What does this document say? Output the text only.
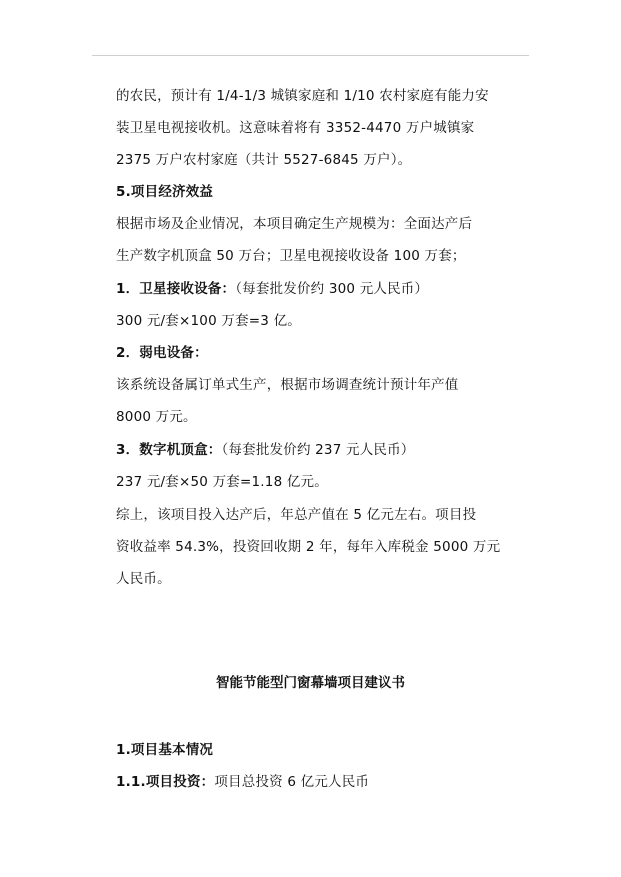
的农民，预计有 1/4-1/3 城镇家庭和 1/10 农村家庭有能力安
装卫星电视接收机。这意味着将有 3352-4470 万户城镇家
2375 万户农村家庭（共计 5527-6845 万户）。
5.项目经济效益
根据市场及企业情况，本项目确定生产规模为：全面达产后
生产数字机顶盒 50 万台；卫星电视接收设备 100 万套；
1．卫星接收设备：（每套批发价约 300 元人民币）
300 元/套×100 万套=3 亿。
2．弱电设备：
该系统设备属订单式生产，根据市场调查统计预计年产值
8000 万元。
3．数字机顶盒：（每套批发价约 237 元人民币）
237 元/套×50 万套=1.18 亿元。
综上，该项目投入达产后，年总产值在 5 亿元左右。项目投
资收益率 54.3%，投资回收期 2 年，每年入库税金 5000 万元
人民币。
智能节能型门窗幕墙项目建议书
1.项目基本情况
1.1.项目投资：项目总投资 6 亿元人民币
